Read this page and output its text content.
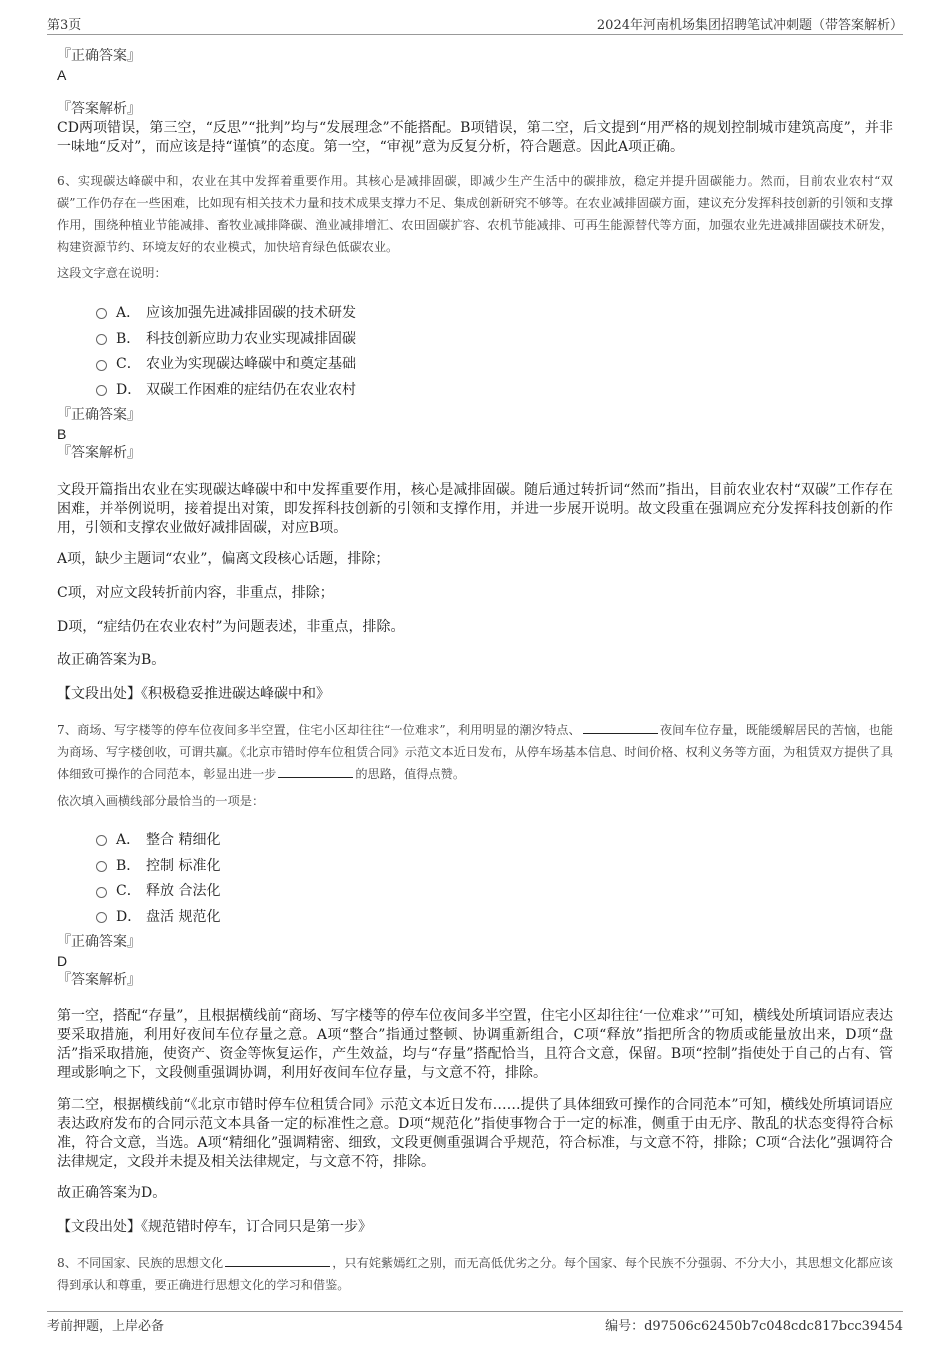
第3页	2024年河南机场集团招聘笔试冲刺题（带答案解析）
『正确答案』
A
『答案解析』
CD两项错误，第三空，“反思”“批判”均与“发展理念”不能搭配。B项错误，第二空，后文提到“用严格的规划控制城市建筑高度”，并非一味地“反对”，而应该是持“谨慎”的态度。第一空，“审视”意为反复分析，符合题意。因此A项正确。
6、实现碳达峰碳中和，农业在其中发挥着重要作用。其核心是减排固碳，即减少生产生活中的碳排放，稳定并提升固碳能力。然而，目前农业农村“双碳”工作仍存在一些困难，比如现有相关技术力量和技术成果支撑力不足、集成创新研究不够等。在农业减排固碳方面，建议充分发挥科技创新的引领和支撑作用，围绕种植业节能减排、畜牧业减排降碳、渔业减排增汇、农田固碳扩容、农机节能减排、可再生能源替代等方面，加强农业先进减排固碳技术研发，构建资源节约、环境友好的农业模式，加快培育绿色低碳农业。
这段文字意在说明：
A． 应该加强先进减排固碳的技术研发
B． 科技创新应助力农业实现减排固碳
C． 农业为实现碳达峰碳中和奠定基础
D． 双碳工作困难的症结仍在农业农村
『正确答案』
B
『答案解析』
文段开篇指出农业在实现碳达峰碳中和中发挥重要作用，核心是减排固碳。随后通过转折词“然而”指出，目前农业农村“双碳”工作存在困难，并举例说明，接着提出对策，即发挥科技创新的引领和支撑作用，并进一步展开说明。故文段重在强调应充分发挥科技创新的作用，引领和支撑农业做好减排固碳，对应B项。
A项，缺少主题词“农业”，偏离文段核心话题，排除；
C项，对应文段转折前内容，非重点，排除；
D项，“症结仍在农业农村”为问题表述，非重点，排除。
故正确答案为B。
【文段出处】《积极稳妥推进碳达峰碳中和》
7、商场、写字楼等的停车位夜间多半空置，住宅小区却往往“一位难求”，利用明显的潮汐特点、	夜间车位存量，既能缓解居民的苦恼，也能为商场、写字楼创收，可谓共赢。《北京市错时停车位租赁合同》示范文本近日发布，从停车场基本信息、时间价格、权利义务等方面，为租赁双方提供了具体细致可操作的合同范本，彰显出进一步	的思路，值得点赞。
依次填入画横线部分最恰当的一项是：
A． 整合 精细化
B． 控制 标准化
C． 释放 合法化
D． 盘活 规范化
『正确答案』
D
『答案解析』
第一空，搭配“存量”，且根据横线前“商场、写字楼等的停车位夜间多半空置，住宅小区却往往‘一位难求’”可知，横线处所填词语应表达要采取措施，利用好夜间车位存量之意。A项“整合”指通过整顿、协调重新组合，C项“释放”指把所含的物质或能量放出来，D项“盘活”指采取措施，使资产、资金等恢复运作，产生效益，均与“存量”搭配恰当，且符合文意，保留。B项“控制”指使处于自己的占有、管理或影响之下，文段侧重强调协调，利用好夜间车位存量，与文意不符，排除。
第二空，根据横线前“《北京市错时停车位租赁合同》示范文本近日发布……提供了具体细致可操作的合同范本”可知，横线处所填词语应表达政府发布的合同示范文本具备一定的标准性之意。D项“规范化”指使事物合于一定的标准，侧重于由无序、散乱的状态变得符合标准，符合文意，当选。A项“精细化”强调精密、细致，文段更侧重强调合乎规范，符合标准，与文意不符，排除；C项“合法化”强调符合法律规定，文段并未提及相关法律规定，与文意不符，排除。
故正确答案为D。
【文段出处】《规范错时停车，订合同只是第一步》
8、不同国家、民族的思想文化	，只有姹紫嫣红之别，而无高低优劣之分。每个国家、每个民族不分强弱、不分大小，其思想文化都应该得到承认和尊重，要正确进行思想文化的学习和借鉴。
考前押题，上岸必备	编号：d97506c62450b7c048cdc817bcc39454
